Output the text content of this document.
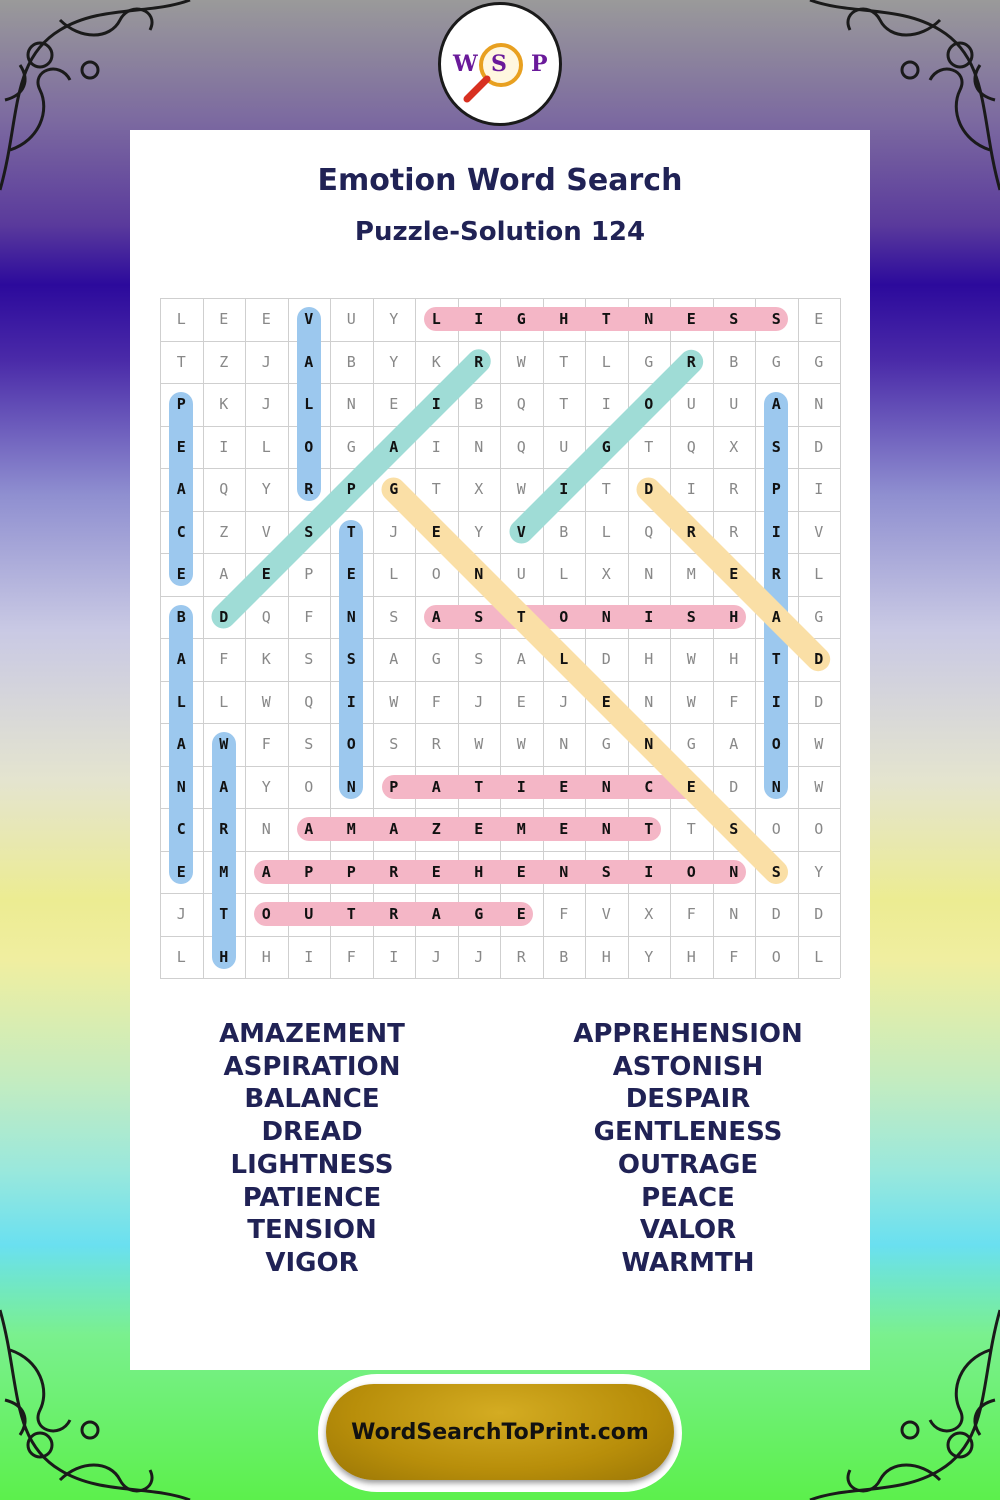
W S P
Emotion Word Search
Puzzle-Solution 124
L	E	E	V	U	Y	L	I	G	H	T	N	E	S	S	E
T	Z	J	A	B	Y	K	R	W	T	L	G	R	B	G	G
P	K	J	L	N	E	I	B	Q	T	I	O	U	U	A	N
E	I	L	O	G	A	I	N	Q	U	G	T	Q	X	S	D
A	Q	Y	R	P	G	T	X	W	I	T	D	I	R	P	I
C	Z	V	S	T	J	E	Y	V	B	L	Q	R	R	I	V
E	A	E	P	E	L	O	N	U	L	X	N	M	E	R	L
B	D	Q	F	N	S	A	S	T	O	N	I	S	H	A	G
A	F	K	S	S	A	G	S	A	L	D	H	W	H	T	D
L	L	W	Q	I	W	F	J	E	J	E	N	W	F	I	D
A	W	F	S	O	S	R	W	W	N	G	N	G	A	O	W
N	A	Y	O	N	P	A	T	I	E	N	C	E	D	N	W
C	R	N	A	M	A	Z	E	M	E	N	T	T	S	O	O
E	M	A	P	P	R	E	H	E	N	S	I	O	N	S	Y
J	T	O	U	T	R	A	G	E	F	V	X	F	N	D	D
L	H	H	I	F	I	J	J	R	B	H	Y	H	F	O	L
AMAZEMENT
ASPIRATION
BALANCE
DREAD
LIGHTNESS
PATIENCE
TENSION
VIGOR
APPREHENSION
ASTONISH
DESPAIR
GENTLENESS
OUTRAGE
PEACE
VALOR
WARMTH
WordSearchToPrint.com
